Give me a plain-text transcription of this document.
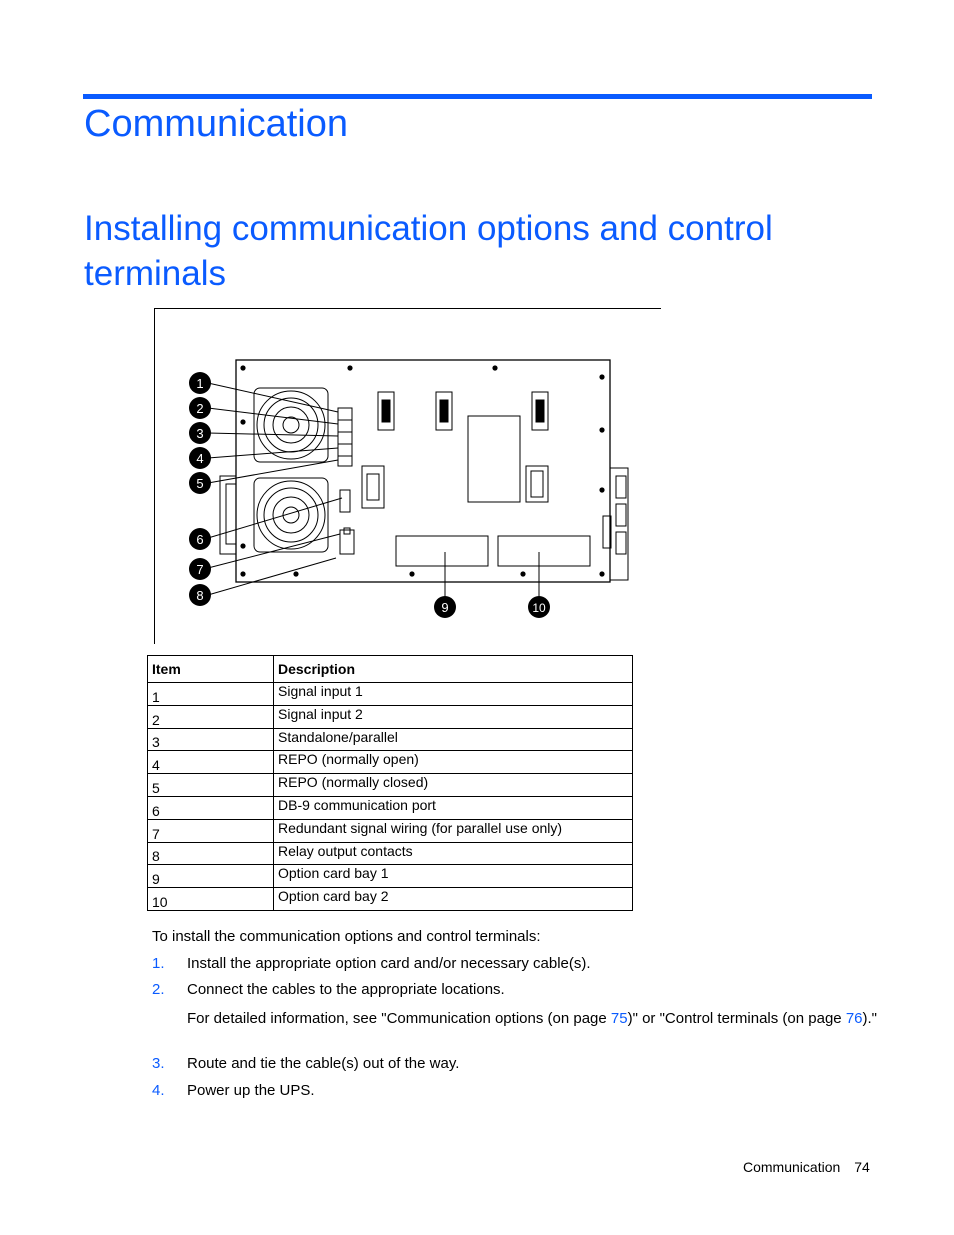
Communication
Installing communication options and control terminals
1
2
3
4
5
6
7
8
9	10
Item	Description
1	Signal input 1
2	Signal input 2
3	Standalone/parallel
4	REPO (normally open)
5	REPO (normally closed)
6	DB-9 communication port
7	Redundant signal wiring (for parallel use only)
8	Relay output contacts
9	Option card bay 1
10	Option card bay 2
To install the communication options and control terminals:
1. Install the appropriate option card and/or necessary cable(s).
2. Connect the cables to the appropriate locations.
For detailed information, see "Communication options (on page 75)" or "Control terminals (on page 76)."
3. Route and tie the cable(s) out of the way.
4. Power up the UPS.
Communication 74
